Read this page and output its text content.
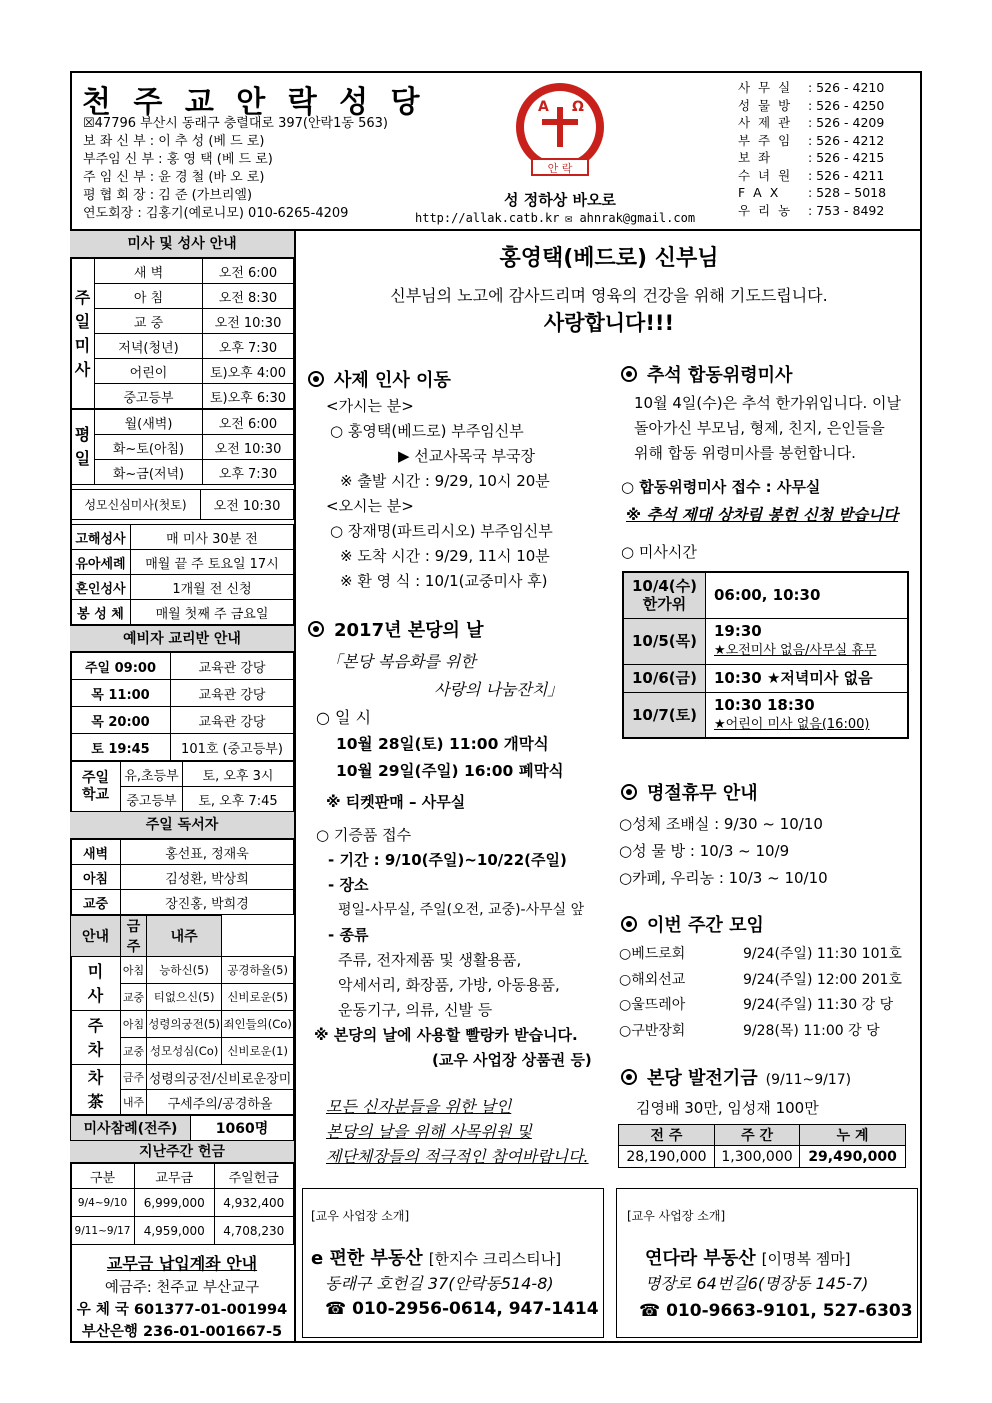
천 주 교 안 락 성 당
☒47796 부산시 동래구 충렬대로 397(안락1동 563)
보 좌 신 부 : 이 추 성 (베 드 로)
부주임 신 부 : 홍 영 택 (베 드 로)
주 임 신 부 : 윤 경 철 (바 오 로)
평 협 회 장 : 김 준 (가브리엘)
연도회장 : 김홍기(예로니모) 010-6265-4209
A Ω
안 락
성 정하상 바오로
http://allak.catb.kr ✉ ahnrak@gmail.com
사 무 실	: 526 - 4210
성 물 방	: 526 - 4250
사 제 관	: 526 - 4209
부 주 임	: 526 - 4212
보 좌	: 526 - 4215
수 녀 원	: 526 - 4211
F A X	: 528 – 5018
우 리 농	: 753 - 8492
미사 및 성사 안내
주
일
미
사	새 벽	오전 6:00
	아 침	오전 8:30
	교 중	오전 10:30
	저녁(청년)	오후 7:30
	어린이	토)오후 4:00
	중고등부	토)오후 6:30
평
일	월(새벽)	오전 6:00
	화~토(아침)	오전 10:30
	화~금(저녁)	오후 7:30
성모신심미사(첫토)	오전 10:30
고해성사	매 미사 30분 전
유아세례	매월 끝 주 토요일 17시
혼인성사	1개월 전 신청
봉 성 체	매월 첫째 주 금요일
예비자 교리반 안내
주일 09:00	교육관 강당
목 11:00	교육관 강당
목 20:00	교육관 강당
토 19:45	101호 (중고등부)
주일
학교	유,초등부	토, 오후 3시
	중고등부	토, 오후 7:45
주일 독서자
새벽	홍선표, 정재욱
아침	김성환, 박상희
교중	장진홍, 박희경
안내	금주	내주	
미
사	아침	능하신(5)	공경하올(5)
	교중	티없으신(5)	신비로운(5)
주
차	아침	성령의궁전(5)	죄인들의(Co)
	교중	성모성심(Co)	신비로운(1)
차
茶	금주	성령의궁전/신비로운장미	
	내주	구세주의/공경하올	
미사참례(전주)	1060명
지난주간 헌금
구분	교무금	주일헌금
9/4~9/10	6,999,000	4,932,400
9/11~9/17	4,959,000	4,708,230
교무금 납입계좌 안내
예금주: 천주교 부산교구
우 체 국 601377-01-001994
부산은행 236-01-001667-5
홍영택(베드로) 신부님
신부님의 노고에 감사드리며 영육의 건강을 위해 기도드립니다.
사랑합니다!!!
사제 인사 이동
<가시는 분>
○ 홍영택(베드로) 부주임신부
▶ 선교사목국 부국장
※ 출발 시간 : 9/29, 10시 20분
<오시는 분>
○ 장재명(파트리시오) 부주임신부
※ 도착 시간 : 9/29, 11시 10분
※ 환 영 식 : 10/1(교중미사 후)
2017년 본당의 날
「본당 복음화를 위한
사랑의 나눔잔치」
○ 일 시
10월 28일(토) 11:00 개막식
10월 29일(주일) 16:00 폐막식
※ 티켓판매 – 사무실
○ 기증품 접수
- 기간 : 9/10(주일)~10/22(주일)
- 장소
평일-사무실, 주일(오전, 교중)-사무실 앞
- 종류
주류, 전자제품 및 생활용품,
악세서리, 화장품, 가방, 아동용품,
운동기구, 의류, 신발 등
※ 본당의 날에 사용할 빨랑카 받습니다.
(교우 사업장 상품권 등)
모든 신자분들을 위한 날인
본당의 날을 위해 사목위원 및
제단체장들의 적극적인 참여바랍니다.
추석 합동위령미사
10월 4일(수)은 추석 한가위입니다. 이날
돌아가신 부모님, 형제, 친지, 은인들을
위해 합동 위령미사를 봉헌합니다.
○ 합동위령미사 접수 : 사무실
※ 추석 제대 상차림 봉헌 신청 받습니다
○ 미사시간
10/4(수)
한가위	06:00, 10:30
10/5(목)	19:30
★오전미사 없음/사무실 휴무

10/6(금)	10:30 ★저녁미사 없음
10/7(토)	10:30 18:30
★어린이 미사 없음(16:00)
명절휴무 안내
○성체 조배실 : 9/30 ~ 10/10
○성 물 방 : 10/3 ~ 10/9
○카페, 우리농 : 10/3 ~ 10/10
이번 주간 모임
○베드로회	9/24(주일) 11:30 101호
○해외선교	9/24(주일) 12:00 201호
○울뜨레아	9/24(주일) 11:30 강 당
○구반장회	9/28(목) 11:00 강 당
본당 발전기금 (9/11~9/17)
김영배 30만, 임성재 100만
전 주	주 간	누 계
28,190,000	1,300,000	29,490,000
[교우 사업장 소개]
e 편한 부동산 [한지수 크리스티나]
동래구 호헌길 37(안락동514-8)
☎ 010-2956-0614, 947-1414
[교우 사업장 소개]
연다라 부동산 [이명복 젬마]
명장로 64번길6(명장동 145-7)
☎ 010-9663-9101, 527-6303
